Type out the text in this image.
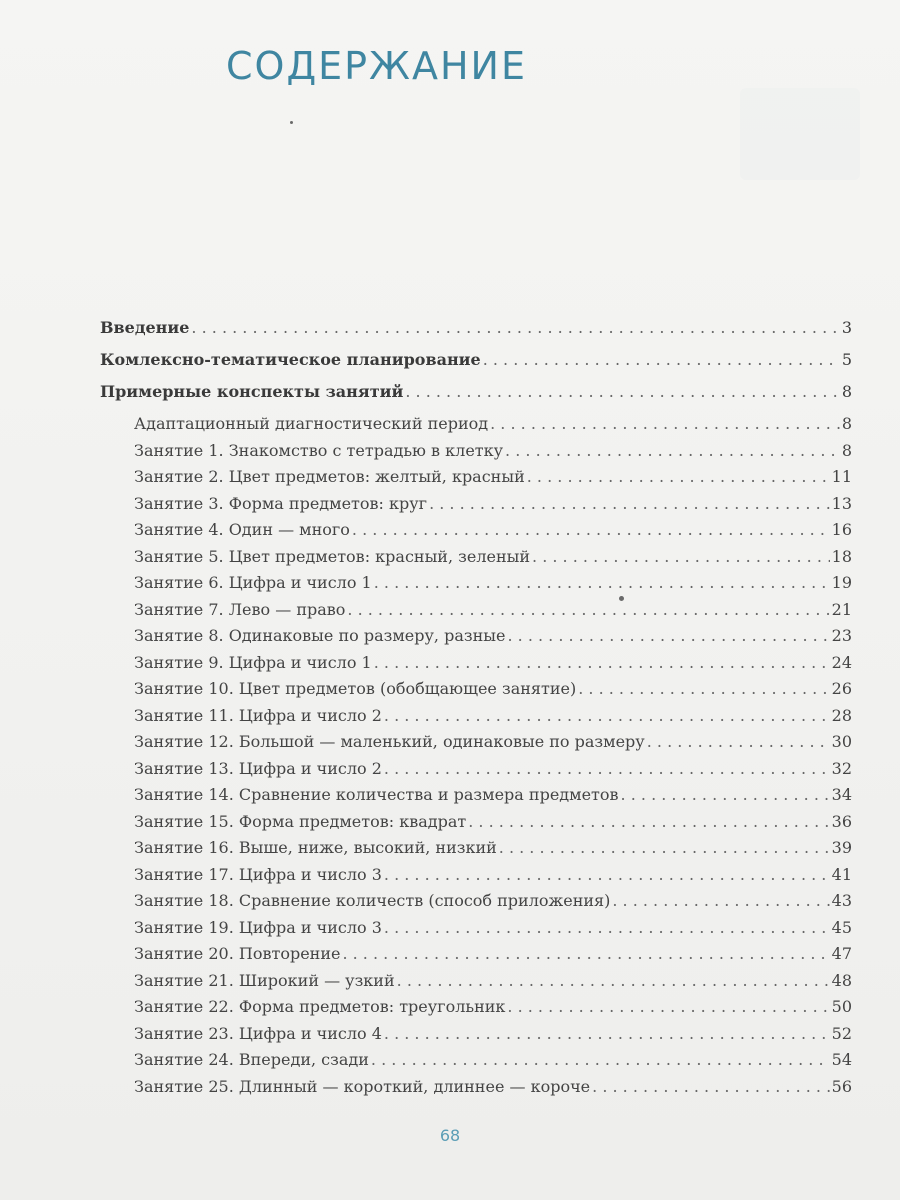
СОДЕРЖАНИЕ
Введение . . .	3
Комлексно-тематическое планирование . . .	5
Примерные конспекты занятий . . .	8
Адаптационный диагностический период . . .	8
Занятие 1. Знакомство с тетрадью в клетку . . .	8
Занятие 2. Цвет предметов: желтый, красный . . .	11
Занятие 3. Форма предметов: круг . . .	13
Занятие 4. Один — много . . .	16
Занятие 5. Цвет предметов: красный, зеленый . . .	18
Занятие 6. Цифра и число 1 . . .	19
Занятие 7. Лево — право . . .	21
Занятие 8. Одинаковые по размеру, разные . . .	23
Занятие 9. Цифра и число 1 . . .	24
Занятие 10. Цвет предметов (обобщающее занятие) . . .	26
Занятие 11. Цифра и число 2 . . .	28
Занятие 12. Большой — маленький, одинаковые по размеру . . .	30
Занятие 13. Цифра и число 2 . . .	32
Занятие 14. Сравнение количества и размера предметов . . .	34
Занятие 15. Форма предметов: квадрат . . .	36
Занятие 16. Выше, ниже, высокий, низкий . . .	39
Занятие 17. Цифра и число 3 . . .	41
Занятие 18. Сравнение количеств (способ приложения) . . .	43
Занятие 19. Цифра и число 3 . . .	45
Занятие 20. Повторение . . .	47
Занятие 21. Широкий — узкий . . .	48
Занятие 22. Форма предметов: треугольник . . .	50
Занятие 23. Цифра и число 4 . . .	52
Занятие 24. Впереди, сзади . . .	54
Занятие 25. Длинный — короткий, длиннее — короче . . .	56
68
